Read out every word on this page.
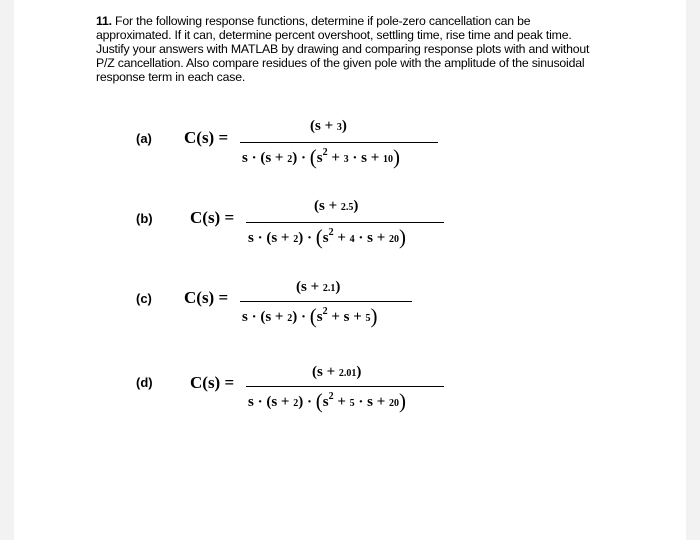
11. For the following response functions, determine if pole-zero cancellation can be approximated. If it can, determine percent overshoot, settling time, rise time and peak time. Justify your answers with MATLAB by drawing and comparing response plots with and without P/Z cancellation. Also compare residues of the given pole with the amplitude of the sinusoidal response term in each case.
(a) C(s) =
(s + 3)
$s \cdot (s + 2) \cdot (s^2 + 3 \cdot s + 10)$
(b) C(s) =
(s + 2.5)
$s \cdot (s + 2) \cdot (s^2 + 4 \cdot s + 20)$
(c) C(s) =
(s + 2.1)
$s \cdot (s + 2) \cdot (s^2 + s + 5)$
(d) C(s) =
(s + 2.01)
$s \cdot (s + 2) \cdot (s^2 + 5 \cdot s + 20)$
